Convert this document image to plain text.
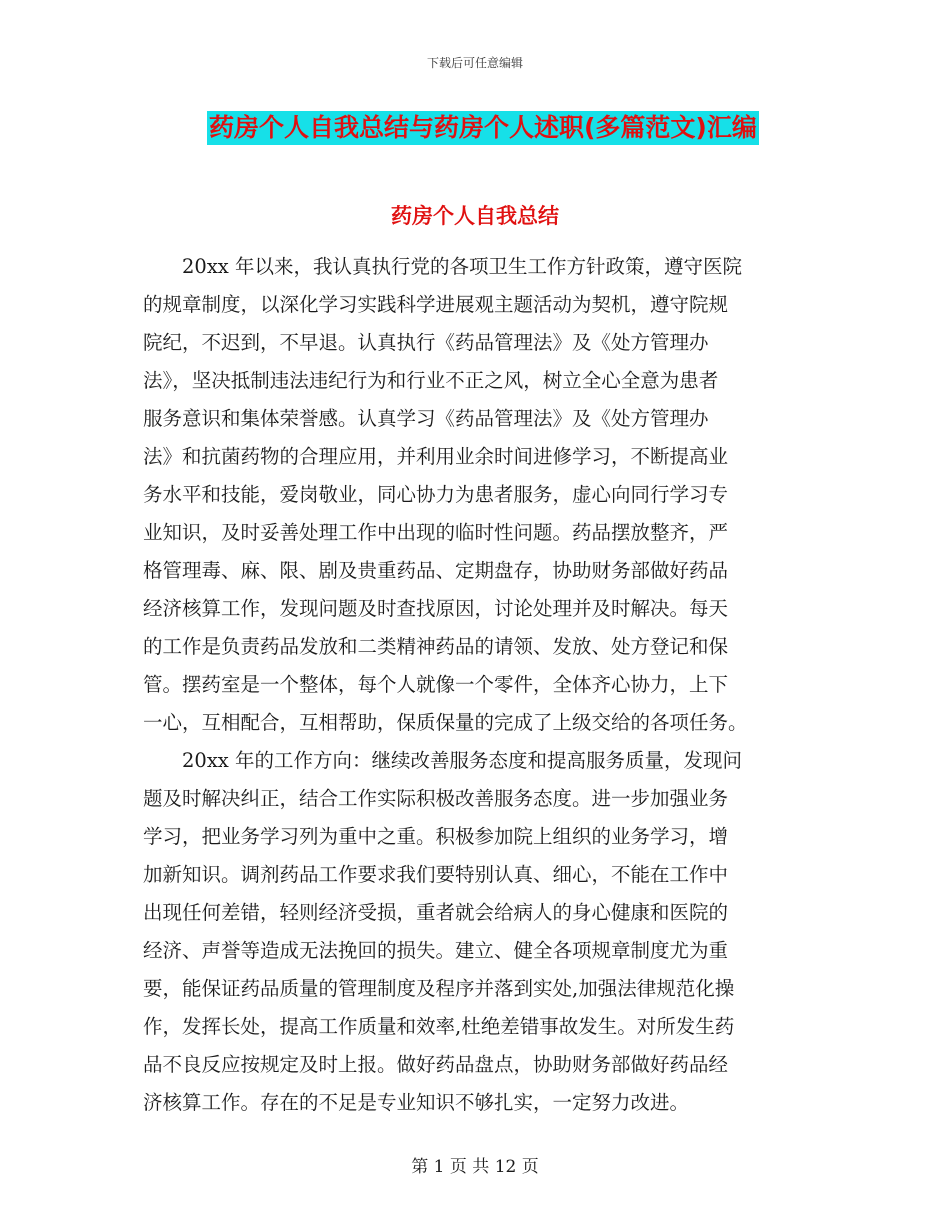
下载后可任意编辑
药房个人自我总结与药房个人述职(多篇范文)汇编
药房个人自我总结
　　20xx 年以来，我认真执行党的各项卫生工作方针政策，遵守医院
的规章制度，以深化学习实践科学进展观主题活动为契机，遵守院规
院纪，不迟到，不早退。认真执行《药品管理法》及《处方管理办
法》，坚决抵制违法违纪行为和行业不正之风，树立全心全意为患者
服务意识和集体荣誉感。认真学习《药品管理法》及《处方管理办
法》和抗菌药物的合理应用，并利用业余时间进修学习，不断提高业
务水平和技能，爱岗敬业，同心协力为患者服务，虚心向同行学习专
业知识，及时妥善处理工作中出现的临时性问题。药品摆放整齐，严
格管理毒、麻、限、剧及贵重药品、定期盘存，协助财务部做好药品
经济核算工作，发现问题及时查找原因，讨论处理并及时解决。每天
的工作是负责药品发放和二类精神药品的请领、发放、处方登记和保
管。摆药室是一个整体，每个人就像一个零件，全体齐心协力，上下
一心，互相配合，互相帮助，保质保量的完成了上级交给的各项任务。
　　20xx 年的工作方向：继续改善服务态度和提高服务质量，发现问
题及时解决纠正，结合工作实际积极改善服务态度。进一步加强业务
学习，把业务学习列为重中之重。积极参加院上组织的业务学习，增
加新知识。调剂药品工作要求我们要特别认真、细心，不能在工作中
出现任何差错，轻则经济受损，重者就会给病人的身心健康和医院的
经济、声誉等造成无法挽回的损失。建立、健全各项规章制度尤为重
要，能保证药品质量的管理制度及程序并落到实处,加强法律规范化操
作，发挥长处，提高工作质量和效率,杜绝差错事故发生。对所发生药
品不良反应按规定及时上报。做好药品盘点，协助财务部做好药品经
济核算工作。存在的不足是专业知识不够扎实，一定努力改进。
第 1 页 共 12 页
